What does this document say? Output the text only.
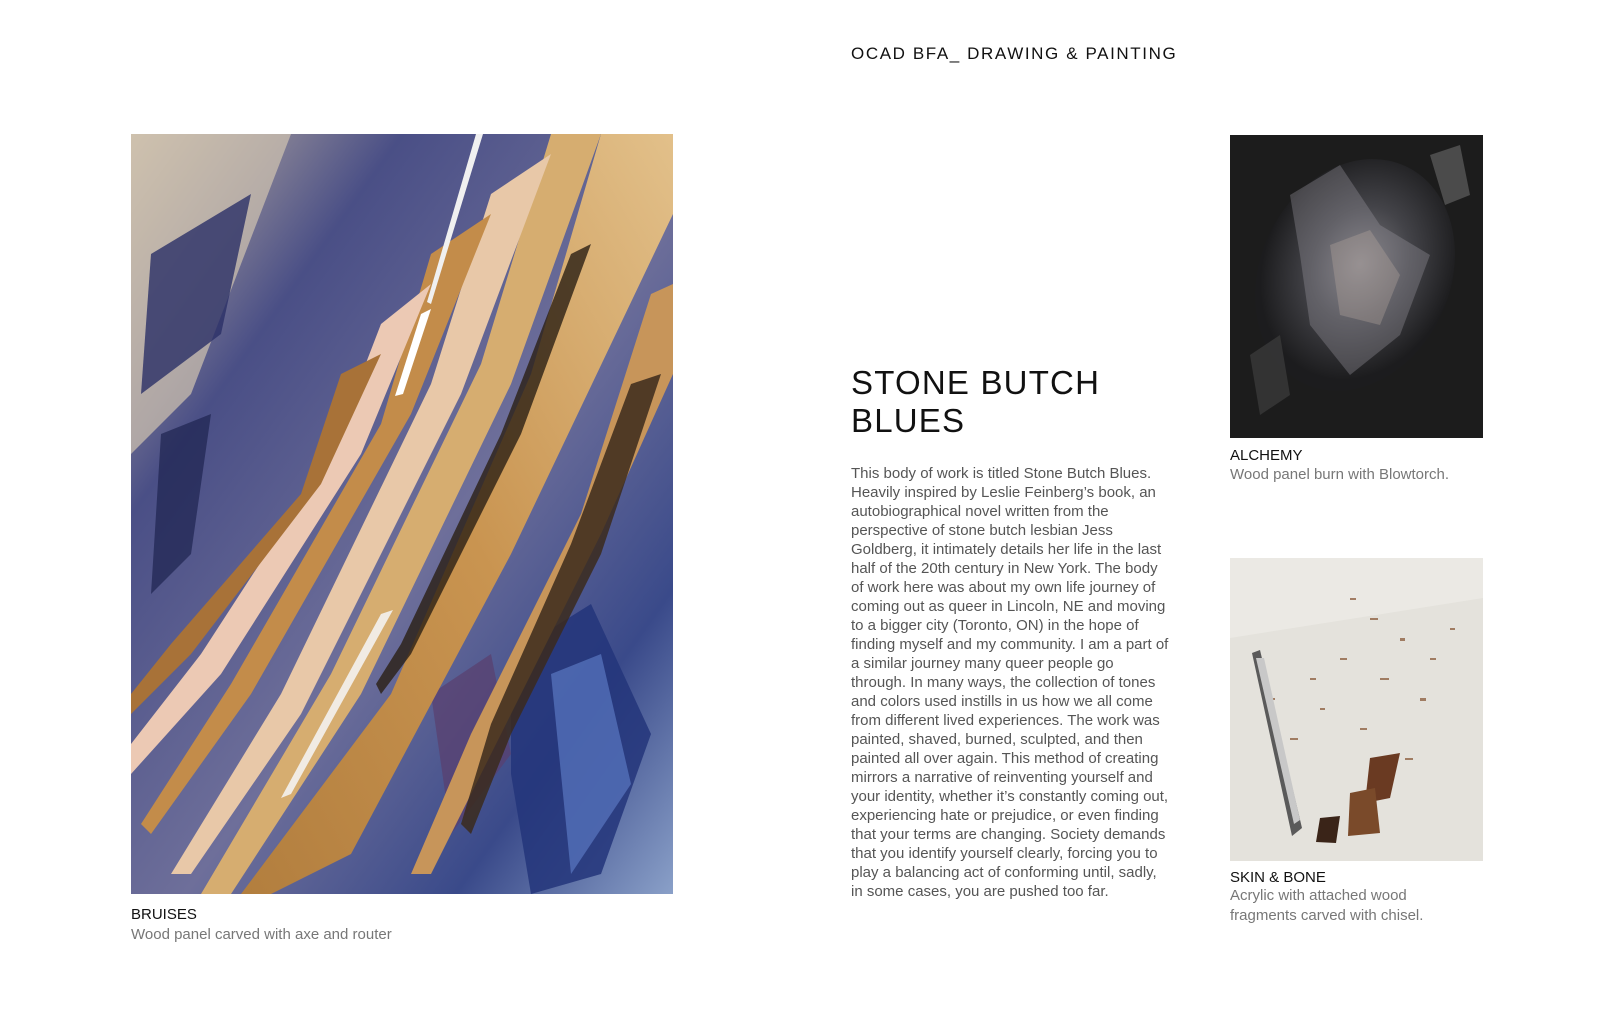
OCAD BFA_ DRAWING & PAINTING
BRUISES
Wood panel carved with axe and router
STONE BUTCH BLUES
This body of work is titled Stone Butch Blues. Heavily inspired by Leslie Feinberg’s book, an autobiographical novel written from the perspective of stone butch lesbian Jess Goldberg, it intimately details her life in the last half of the 20th century in New York. The body of work here was about my own life journey of coming out as queer in Lincoln, NE and moving to a bigger city (Toronto, ON) in the hope of finding myself and my community. I am a part of a similar journey many queer people go through. In many ways, the collection of tones and colors used instills in us how we all come from different lived experiences. The work was painted, shaved, burned, sculpted, and then painted all over again. This method of creating mirrors a narrative of reinventing yourself and your identity, whether it’s constantly coming out, experiencing hate or prejudice, or even finding that your terms are changing. Society demands that you identify yourself clearly, forcing you to play a balancing act of conforming until, sadly, in some cases, you are pushed too far.
ALCHEMY
Wood panel burn with Blowtorch.
SKIN & BONE
Acrylic with attached wood fragments carved with chisel.
